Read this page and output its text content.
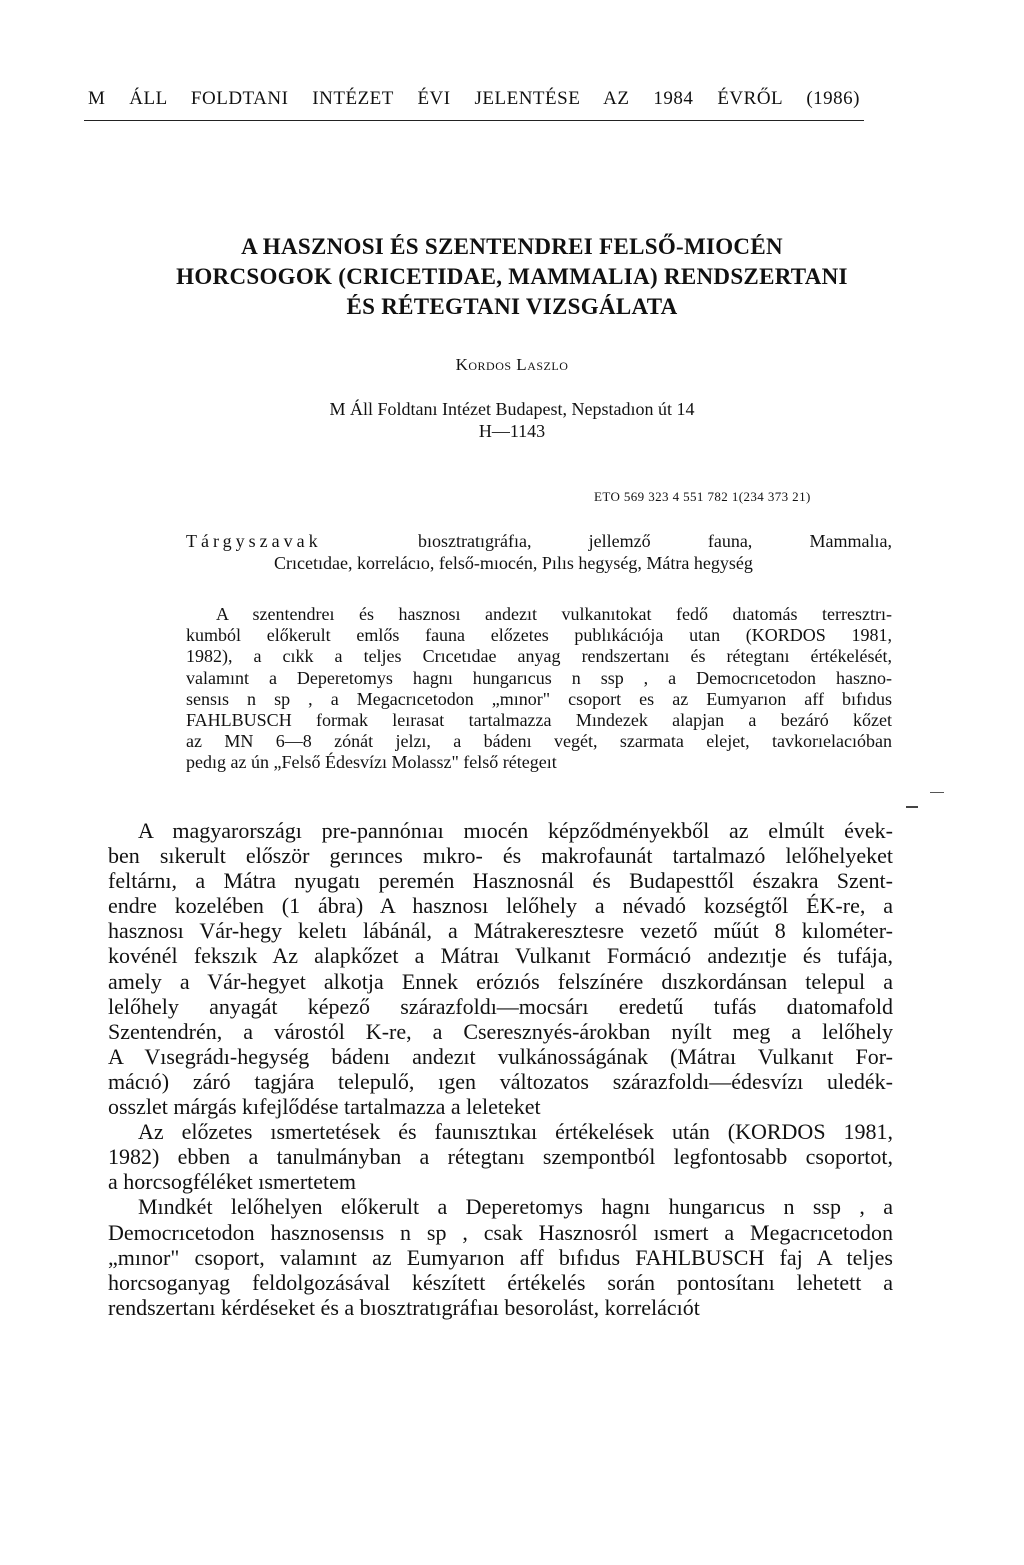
M ÁLL FOLDTANI INTÉZET ÉVI JELENTÉSE AZ 1984 ÉVRŐL (1986)
A HASZNOSI ÉS SZENTENDREI FELSŐ-MIOCÉN
HORCSOGOK (CRICETIDAE, MAMMALIA) RENDSZERTANI
ÉS RÉTEGTANI VIZSGÁLATA
Kordos Laszlo
M Áll Foldtanı Intézet Budapest, Nepstadıon út 14
H—1143
ETO 569 323 4 551 782 1(234 373 21)
Tárgyszavak	bıosztratıgráfıa, jellemző fauna, Mammalıa,
Crıcetıdae, korrelácıo, felső-mıocén, Pılıs hegység, Mátra hegység
A szentendreı és hasznosı andezıt vulkanıtokat fedő dıatomás terresztrı-
kumból előkerult emlős fauna előzetes publıkácıója utan (KORDOS 1981,
1982), a cıkk a teljes Crıcetıdae anyag rendszertanı és rétegtanı értékelését,
valamınt a Deperetomys hagnı hungarıcus n ssp , a Democrıcetodon haszno-
sensıs n sp , a Megacrıcetodon „mınor" csoport es az Eumyarıon aff bıfıdus
FAHLBUSCH formak leırasat tartalmazza Mındezek alapjan a bezáró kőzet
az MN 6—8 zónát jelzı, a bádenı vegét, szarmata elejet, tavkorıelacıóban
pedıg az ún „Felső Édesvízı Molassz" felső rétegeıt
A magyarországı pre-pannónıaı mıocén képződményekből az elmúlt évek-
ben sıkerult először gerınces mıkro- és makrofaunát tartalmazó lelőhelyeket
feltárnı, a Mátra nyugatı peremén Hasznosnál és Budapesttől északra Szent-
endre kozelében (1 ábra) A hasznosı lelőhely a névadó kozségtől ÉK-re, a
hasznosı Vár-hegy keletı lábánál, a Mátrakeresztesre vezető műút 8 kılométer-
kovénél fekszık Az alapkőzet a Mátraı Vulkanıt Formácıó andezıtje és tufája,
amely a Vár-hegyet alkotja Ennek erózıós felszínére dıszkordánsan telepul a
lelőhely anyagát képező szárazfoldı—mocsárı eredetű tufás dıatomafold
Szentendrén, a várostól K-re, a Cseresznyés-árokban nyílt meg a lelőhely
A Vısegrádı-hegység bádenı andezıt vulkánosságának (Mátraı Vulkanıt For-
mácıó) záró tagjára telepulő, ıgen változatos szárazfoldı—édesvízı uledék-
osszlet márgás kıfejlődése tartalmazza a leleteket
Az előzetes ısmertetések és faunısztıkaı értékelések után (KORDOS 1981,
1982) ebben a tanulmányban a rétegtanı szempontból legfontosabb csoportot,
a horcsogféléket ısmertetem
Mındkét lelőhelyen előkerult a Deperetomys hagnı hungarıcus n ssp , a
Democrıcetodon hasznosensıs n sp , csak Hasznosról ısmert a Megacrıcetodon
„mınor" csoport, valamınt az Eumyarıon aff bıfıdus FAHLBUSCH faj A teljes
horcsoganyag feldolgozásával készített értékelés során pontosítanı lehetett a
rendszertanı kérdéseket és a bıosztratıgráfıaı besorolást, korrelácıót
